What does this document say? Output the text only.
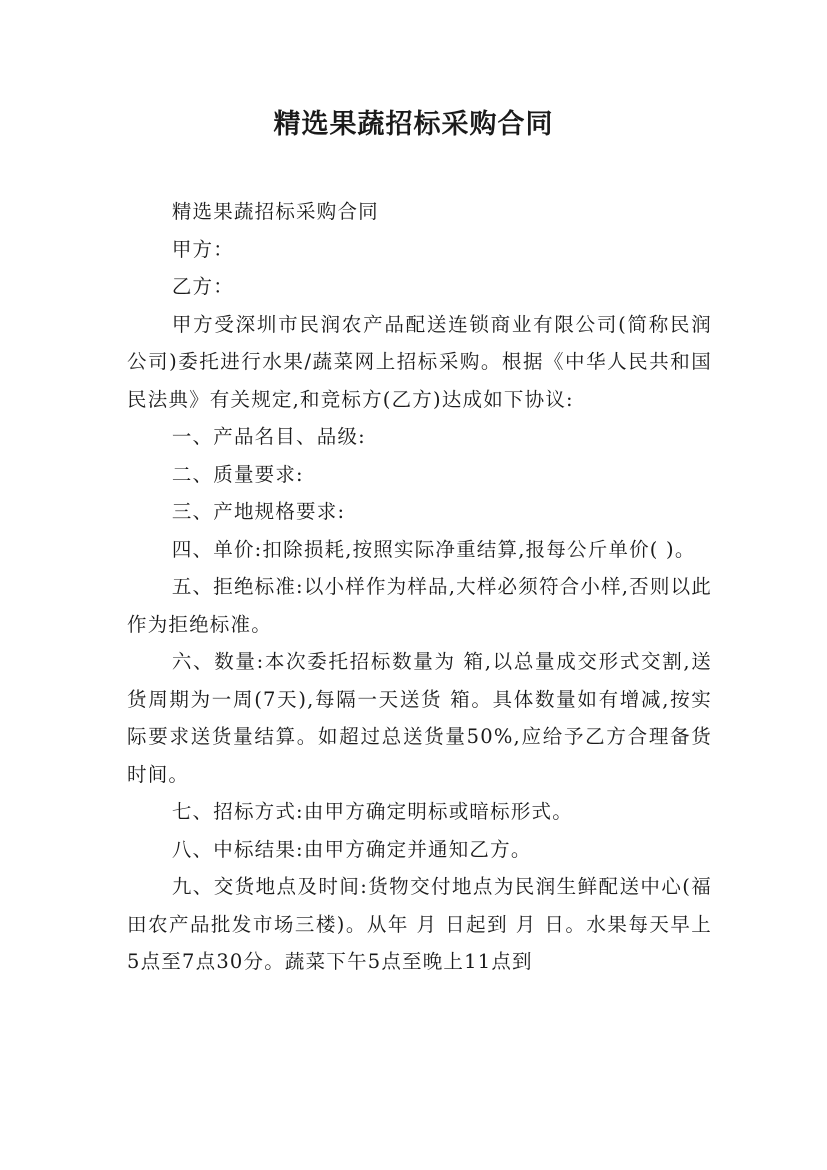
精选果蔬招标采购合同

精选果蔬招标采购合同

甲方：

乙方：

甲方受深圳市民润农产品配送连锁商业有限公司(简称民润公司)委托进行水果/蔬菜网上招标采购。根据《中华人民共和国民法典》有关规定,和竞标方(乙方)达成如下协议:

一、产品名目、品级:

二、质量要求:

三、产地规格要求:

四、单价:扣除损耗,按照实际净重结算,报每公斤单价( )。

五、拒绝标准:以小样作为样品,大样必须符合小样,否则以此作为拒绝标准。

六、数量:本次委托招标数量为 箱,以总量成交形式交割,送货周期为一周(7天),每隔一天送货 箱。具体数量如有增减,按实际要求送货量结算。如超过总送货量50%,应给予乙方合理备货时间。

七、招标方式:由甲方确定明标或暗标形式。

八、中标结果:由甲方确定并通知乙方。

九、交货地点及时间:货物交付地点为民润生鲜配送中心(福田农产品批发市场三楼)。从年 月 日起到 月 日。水果每天早上5点至7点30分。蔬菜下午5点至晚上11点到
